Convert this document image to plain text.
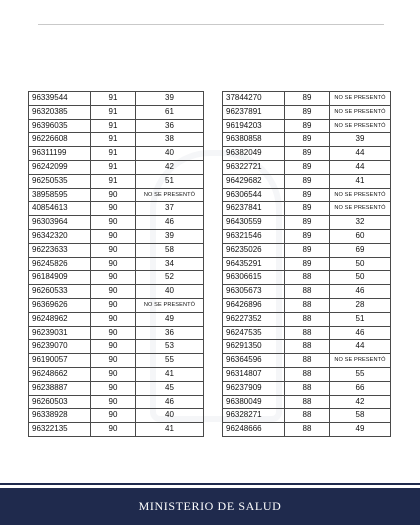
96339544	91	39
96320385	91	61
96396035	91	36
96226608	91	38
96311199	91	40
96242099	91	42
96250535	91	51
38958595	90	NO SE PRESENTÓ
40854613	90	37
96303964	90	46
96342320	90	39
96223633	90	58
96245826	90	34
96184909	90	52
96260533	90	40
96369626	90	NO SE PRESENTÓ
96248962	90	49
96239031	90	36
96239070	90	53
96190057	90	55
96248662	90	41
96238887	90	45
96260503	90	46
96338928	90	40
96322135	90	41
37844270	89	NO SE PRESENTÓ
96237891	89	NO SE PRESENTÓ
96194203	89	NO SE PRESENTÓ
96380858	89	39
96382049	89	44
96322721	89	44
96429682	89	41
96306544	89	NO SE PRESENTÓ
96237841	89	NO SE PRESENTÓ
96430559	89	32
96321546	89	60
96235026	89	69
96435291	89	50
96306615	88	50
96305673	88	46
96426896	88	28
96227352	88	51
96247535	88	46
96291350	88	44
96364596	88	NO SE PRESENTÓ
96314807	88	55
96237909	88	66
96380049	88	42
96328271	88	58
96248666	88	49
MINISTERIO DE SALUD
